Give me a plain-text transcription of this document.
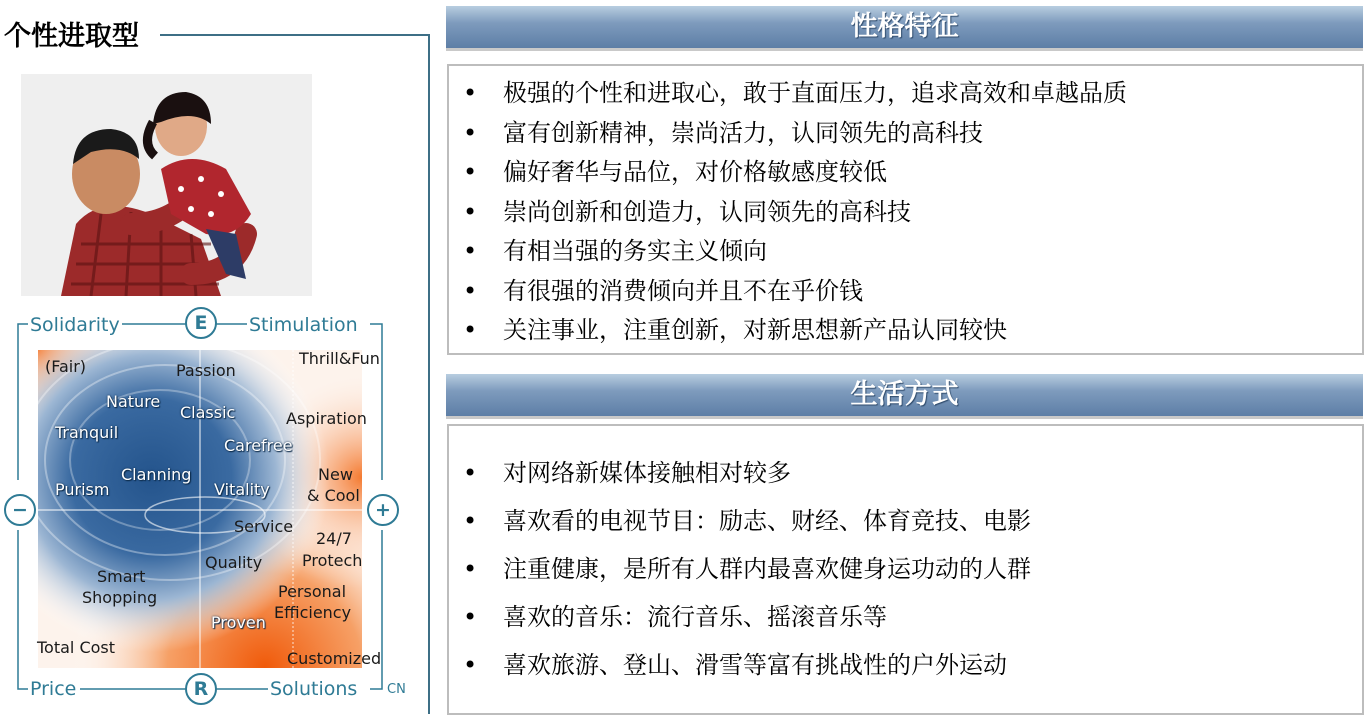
个性进取型
Solidarity	Stimulation
Price	Solutions CN
E
R
−	+
(Fair)	Passion
Thrill&Fun
Nature
Classic	Aspiration
Tranquil
Carefree
New
& Cool
Clanning
Purism	Vitality
Service
24/7
Protech
Quality
Smart
Shopping	Personal
Efficiency
Proven
Total Cost
Customized
性格特征
• 极强的个性和进取心，敢于直面压力，追求高效和卓越品质
• 富有创新精神，崇尚活力，认同领先的高科技
• 偏好奢华与品位，对价格敏感度较低
• 崇尚创新和创造力，认同领先的高科技
• 有相当强的务实主义倾向
• 有很强的消费倾向并且不在乎价钱
• 关注事业，注重创新，对新思想新产品认同较快
生活方式
• 对网络新媒体接触相对较多
• 喜欢看的电视节目：励志、财经、体育竞技、电影
• 注重健康，是所有人群内最喜欢健身运功动的人群
• 喜欢的音乐：流行音乐、摇滚音乐等
• 喜欢旅游、登山、滑雪等富有挑战性的户外运动
